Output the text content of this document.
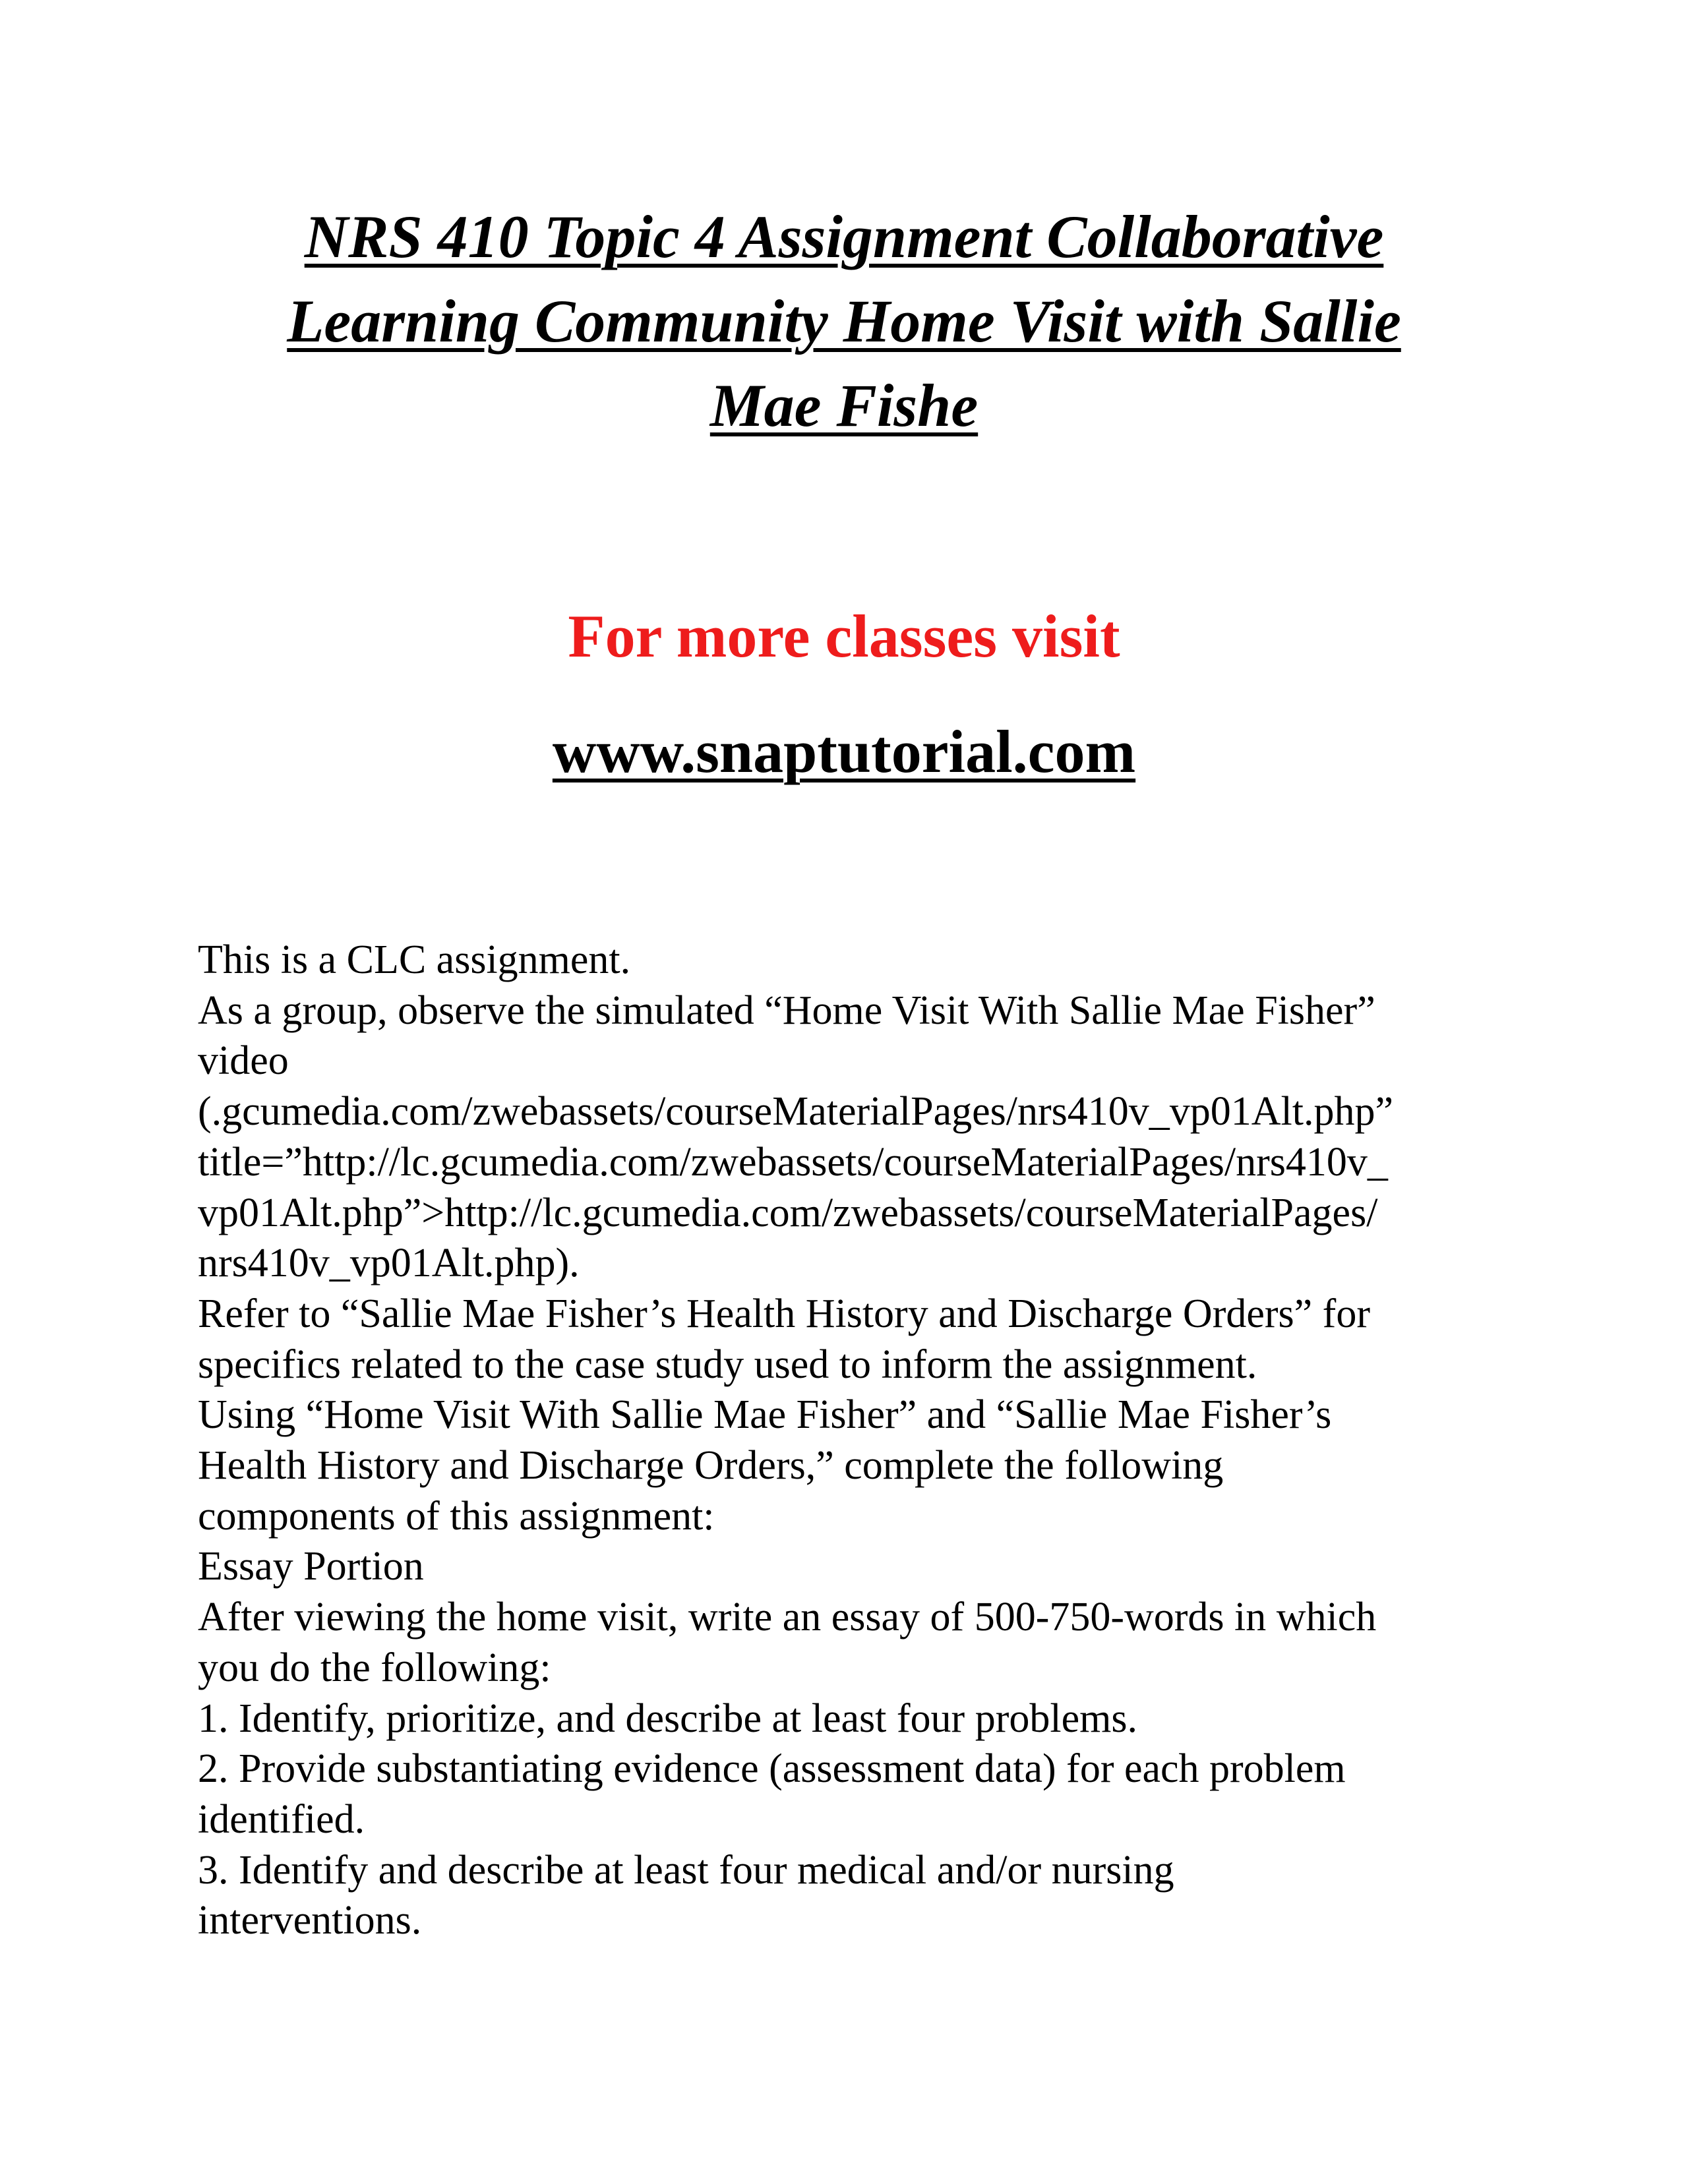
NRS 410 Topic 4 Assignment Collaborative
Learning Community Home Visit with Sallie
Mae Fishe

For more classes visit

www.snaptutorial.com

This is a CLC assignment.
As a group, observe the simulated “Home Visit With Sallie Mae Fisher”
video
(.gcumedia.com/zwebassets/courseMaterialPages/nrs410v_vp01Alt.php”
title=”http://lc.gcumedia.com/zwebassets/courseMaterialPages/nrs410v_
vp01Alt.php”>http://lc.gcumedia.com/zwebassets/courseMaterialPages/
nrs410v_vp01Alt.php).
Refer to “Sallie Mae Fisher’s Health History and Discharge Orders” for
specifics related to the case study used to inform the assignment.
Using “Home Visit With Sallie Mae Fisher” and “Sallie Mae Fisher’s
Health History and Discharge Orders,” complete the following
components of this assignment:
Essay Portion
After viewing the home visit, write an essay of 500-750-words in which
you do the following:
1. Identify, prioritize, and describe at least four problems.
2. Provide substantiating evidence (assessment data) for each problem
identified.
3. Identify and describe at least four medical and/or nursing
interventions.
